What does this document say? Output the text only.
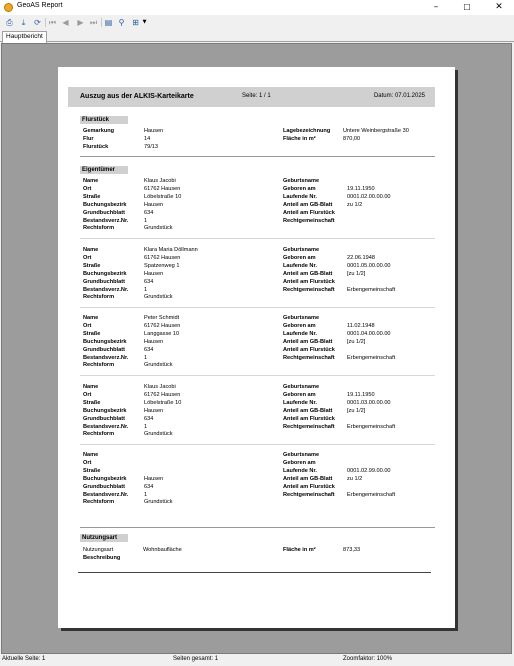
GeoAS Report	–	☐	✕
⎙	⤓	⟳ ⏮ ◀	▶ ⏭ ▤ ⚲ ⊞ ▼
Hauptbericht
Auszug aus der ALKIS-Karteikarte	Seite: 1 / 1	Datum: 07.01.2025
Flurstück
Gemarkung	Hausen
Flur	14
Flurstück	79/13
Lagebezeichnung Untere Weinbergstraße 30
Fläche in m²	870,00
Eigentümer
Name	Klaus Jacobi
Ort	61762 Hausen
Straße	Löbelstraße 10
Buchungsbezirk	Hausen
Grundbuchblatt	634
Bestandsverz.Nr.	1
Rechtsform	Grundstück
Geburtsname
Geboren am	19.11.1950
Laufende Nr.	0001.02.00.00.00
Anteil am GB-Blatt	zu 1/2
Anteil am Flurstück
Rechtgemeinschaft
Name	Klara Maria Döllmann
Ort	61762 Hausen
Straße	Spatzenweg 1
Buchungsbezirk	Hausen
Grundbuchblatt	634
Bestandsverz.Nr.	1
Rechtsform	Grundstück
Geburtsname
Geboren am	22.06.1948
Laufende Nr.	0001.05.00.00.00
Anteil am GB-Blatt	[zu 1/2]
Anteil am Flurstück
Rechtgemeinschaft Erbengemeinschaft
Name	Peter Schmidt
Ort	61762 Hausen
Straße	Langgasse 10
Buchungsbezirk	Hausen
Grundbuchblatt	634
Bestandsverz.Nr.	1
Rechtsform	Grundstück
Geburtsname
Geboren am	11.02.1948
Laufende Nr.	0001.04.00.00.00
Anteil am GB-Blatt	[zu 1/2]
Anteil am Flurstück
Rechtgemeinschaft Erbengemeinschaft
Name	Klaus Jacobi
Ort	61762 Hausen
Straße	Löbelstraße 10
Buchungsbezirk	Hausen
Grundbuchblatt	634
Bestandsverz.Nr.	1
Rechtsform	Grundstück
Geburtsname
Geboren am	19.11.1950
Laufende Nr.	0001.03.00.00.00
Anteil am GB-Blatt	[zu 1/2]
Anteil am Flurstück
Rechtgemeinschaft Erbengemeinschaft
Name
Ort
Straße
Buchungsbezirk	Hausen
Grundbuchblatt	634
Bestandsverz.Nr.	1
Rechtsform	Grundstück
Geburtsname
Geboren am
Laufende Nr.	0001.02.99.00.00
Anteil am GB-Blatt	zu 1/2
Anteil am Flurstück
Rechtgemeinschaft Erbengemeinschaft
Nutzungsart
Nutzungsart	Wohnbaufläche
Beschreibung
Fläche in m²	873,33
Aktuelle Seite: 1	Seiten gesamt: 1	Zoomfaktor: 100%
